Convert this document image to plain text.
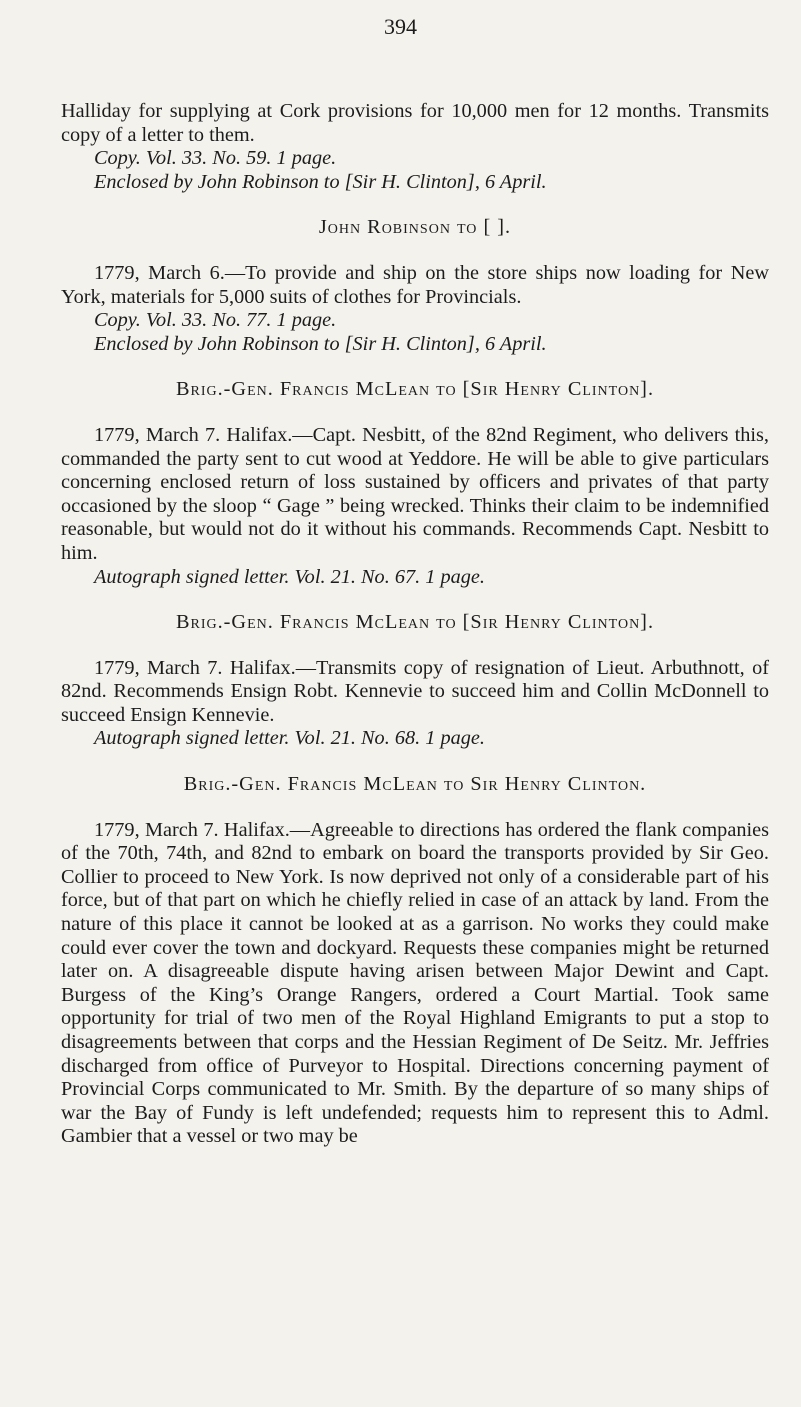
394

Halliday for supplying at Cork provisions for 10,000 men for 12 months. Transmits copy of a letter to them.

Copy. Vol. 33. No. 59. 1 page.

Enclosed by John Robinson to [Sir H. Clinton], 6 April.

John Robinson to [ ].

1779, March 6.—To provide and ship on the store ships now loading for New York, materials for 5,000 suits of clothes for Provincials.

Copy. Vol. 33. No. 77. 1 page.

Enclosed by John Robinson to [Sir H. Clinton], 6 April.

Brig.-Gen. Francis McLean to [Sir Henry Clinton].

1779, March 7. Halifax.—Capt. Nesbitt, of the 82nd Regiment, who delivers this, commanded the party sent to cut wood at Yeddore. He will be able to give particulars concerning enclosed return of loss sustained by officers and privates of that party occasioned by the sloop “ Gage ” being wrecked. Thinks their claim to be indemnified reasonable, but would not do it without his commands. Recommends Capt. Nesbitt to him.

Autograph signed letter. Vol. 21. No. 67. 1 page.

Brig.-Gen. Francis McLean to [Sir Henry Clinton].

1779, March 7. Halifax.—Transmits copy of resignation of Lieut. Arbuthnott, of 82nd. Recommends Ensign Robt. Kennevie to succeed him and Collin McDonnell to succeed Ensign Kennevie.

Autograph signed letter. Vol. 21. No. 68. 1 page.

Brig.-Gen. Francis McLean to Sir Henry Clinton.

1779, March 7. Halifax.—Agreeable to directions has ordered the flank companies of the 70th, 74th, and 82nd to embark on board the transports provided by Sir Geo. Collier to proceed to New York. Is now deprived not only of a considerable part of his force, but of that part on which he chiefly relied in case of an attack by land. From the nature of this place it cannot be looked at as a garrison. No works they could make could ever cover the town and dockyard. Requests these companies might be returned later on. A disagreeable dispute having arisen between Major Dewint and Capt. Burgess of the King’s Orange Rangers, ordered a Court Martial. Took same opportunity for trial of two men of the Royal Highland Emigrants to put a stop to disagreements between that corps and the Hessian Regiment of De Seitz. Mr. Jeffries discharged from office of Purveyor to Hospital. Directions concerning payment of Provincial Corps communicated to Mr. Smith. By the departure of so many ships of war the Bay of Fundy is left undefended; requests him to represent this to Adml. Gambier that a vessel or two may be
